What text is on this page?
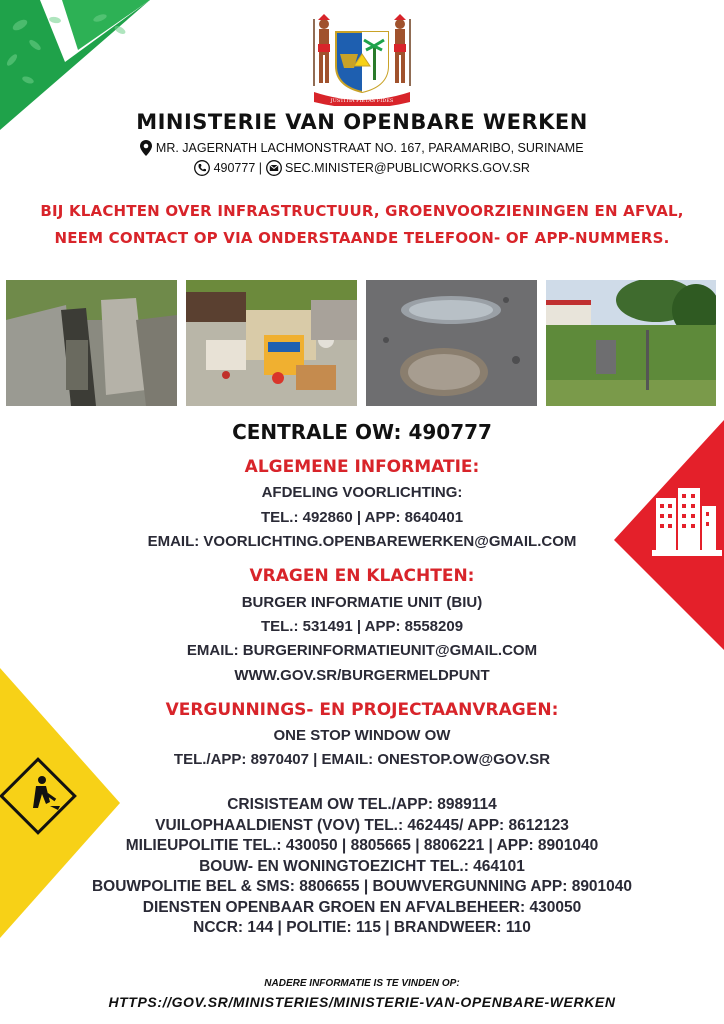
JUSTITIA PIETAS FIDES
MINISTERIE VAN OPENBARE WERKEN
MR. JAGERNATH LACHMONSTRAAT NO. 167, PARAMARIBO, SURINAME
490777 | SEC.MINISTER@PUBLICWORKS.GOV.SR
BIJ KLACHTEN OVER INFRASTRUCTUUR, GROENVOORZIENINGEN EN AFVAL,
NEEM CONTACT OP VIA ONDERSTAANDE TELEFOON- OF APP-NUMMERS.
CENTRALE OW: 490777
ALGEMENE INFORMATIE:
AFDELING VOORLICHTING:
TEL.: 492860 | APP: 8640401
EMAIL: VOORLICHTING.OPENBAREWERKEN@GMAIL.COM
VRAGEN EN KLACHTEN:
BURGER INFORMATIE UNIT (BIU)
TEL.: 531491 | APP: 8558209
EMAIL: BURGERINFORMATIEUNIT@GMAIL.COM
WWW.GOV.SR/BURGERMELDPUNT
VERGUNNINGS- EN PROJECTAANVRAGEN:
ONE STOP WINDOW OW
TEL./APP: 8970407 | EMAIL: ONESTOP.OW@GOV.SR
CRISISTEAM OW TEL./APP: 8989114
VUILOPHAALDIENST (VOV) TEL.: 462445/ APP: 8612123
MILIEUPOLITIE TEL.: 430050 | 8805665 | 8806221 | APP: 8901040
BOUW- EN WONINGTOEZICHT TEL.: 464101
BOUWPOLITIE BEL & SMS: 8806655 | BOUWVERGUNNING APP: 8901040
DIENSTEN OPENBAAR GROEN EN AFVALBEHEER: 430050
NCCR: 144 | POLITIE: 115 | BRANDWEER: 110
NADERE INFORMATIE IS TE VINDEN OP:
HTTPS://GOV.SR/MINISTERIES/MINISTERIE-VAN-OPENBARE-WERKEN
